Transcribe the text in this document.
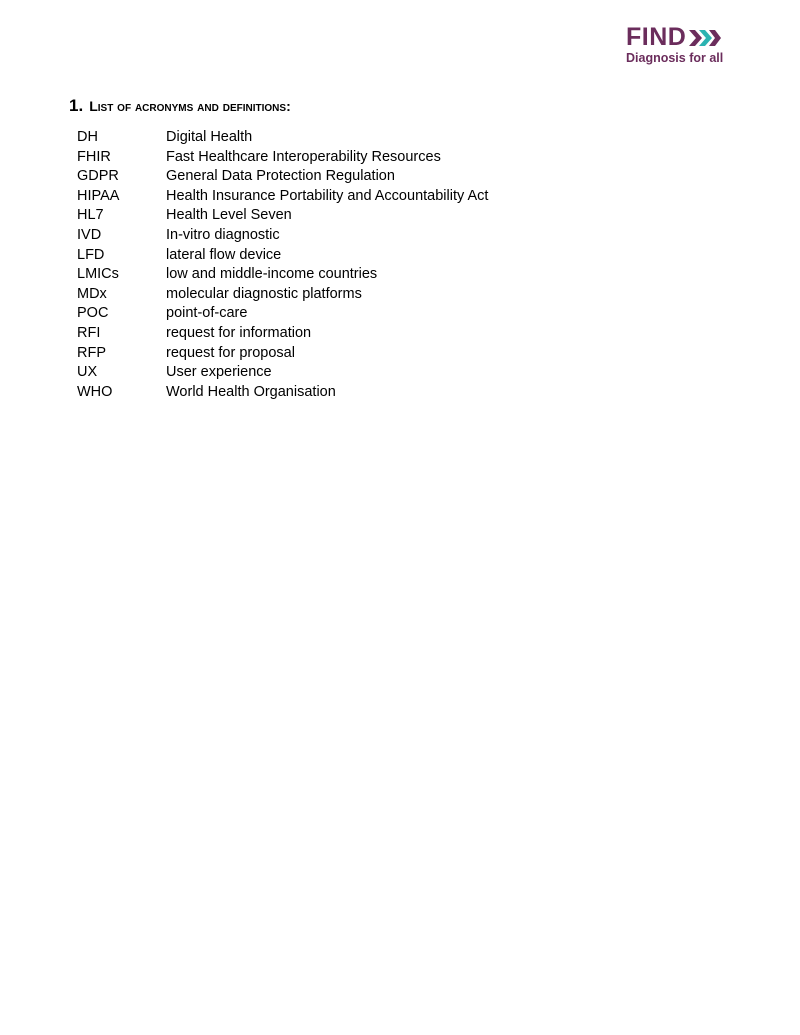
FIND
Diagnosis for all
1. List of acronyms and definitions:
DH	Digital Health
FHIR	Fast Healthcare Interoperability Resources
GDPR	General Data Protection Regulation
HIPAA	Health Insurance Portability and Accountability Act
HL7	Health Level Seven
IVD	In-vitro diagnostic
LFD	lateral flow device
LMICs	low and middle-income countries
MDx	molecular diagnostic platforms
POC	point-of-care
RFI	request for information
RFP	request for proposal
UX	User experience
WHO	World Health Organisation
